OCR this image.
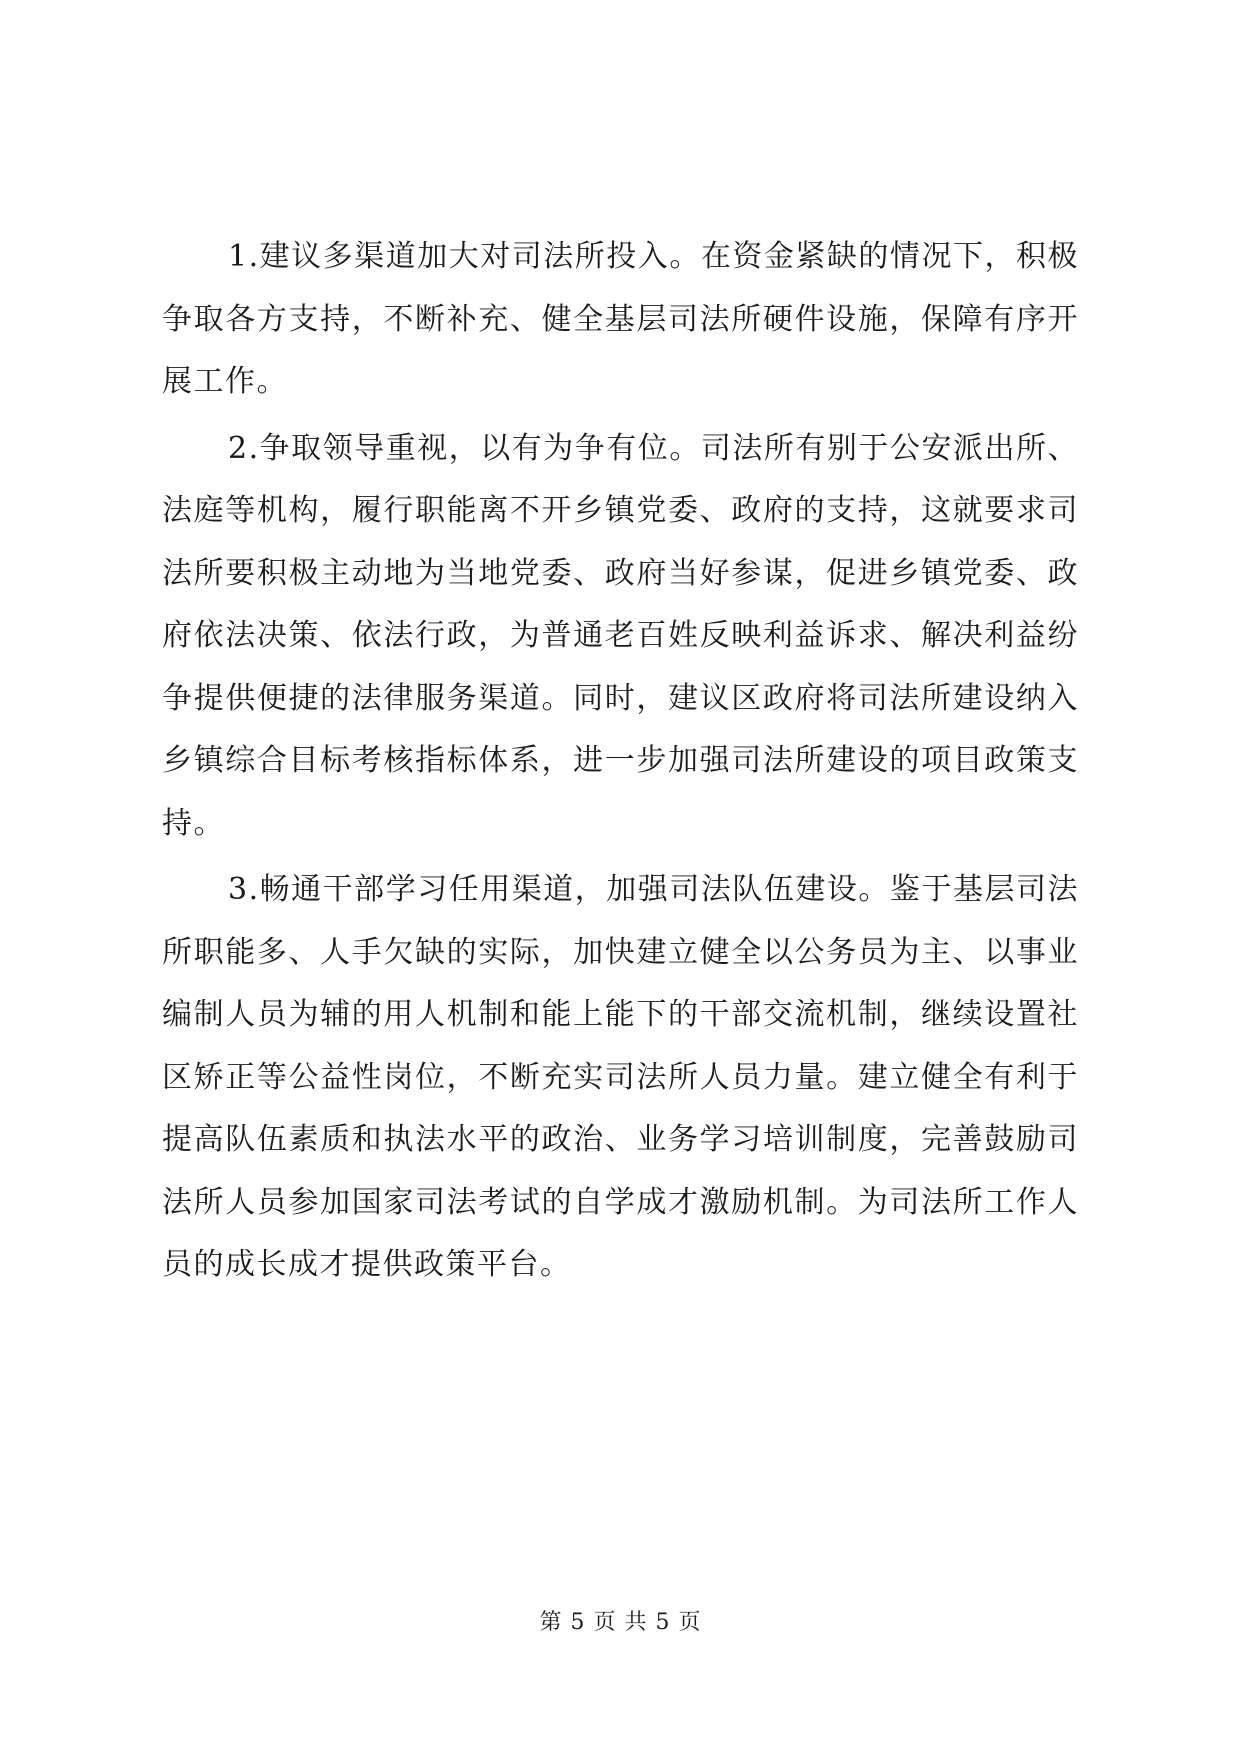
1.建议多渠道加大对司法所投入。在资金紧缺的情况下，积极争取各方支持，不断补充、健全基层司法所硬件设施，保障有序开展工作。

2.争取领导重视，以有为争有位。司法所有别于公安派出所、法庭等机构，履行职能离不开乡镇党委、政府的支持，这就要求司法所要积极主动地为当地党委、政府当好参谋，促进乡镇党委、政府依法决策、依法行政，为普通老百姓反映利益诉求、解决利益纷争提供便捷的法律服务渠道。同时，建议区政府将司法所建设纳入乡镇综合目标考核指标体系，进一步加强司法所建设的项目政策支持。

3.畅通干部学习任用渠道，加强司法队伍建设。鉴于基层司法所职能多、人手欠缺的实际，加快建立健全以公务员为主、以事业编制人员为辅的用人机制和能上能下的干部交流机制，继续设置社区矫正等公益性岗位，不断充实司法所人员力量。建立健全有利于提高队伍素质和执法水平的政治、业务学习培训制度，完善鼓励司法所人员参加国家司法考试的自学成才激励机制。为司法所工作人员的成长成才提供政策平台。

第 5 页 共 5 页
